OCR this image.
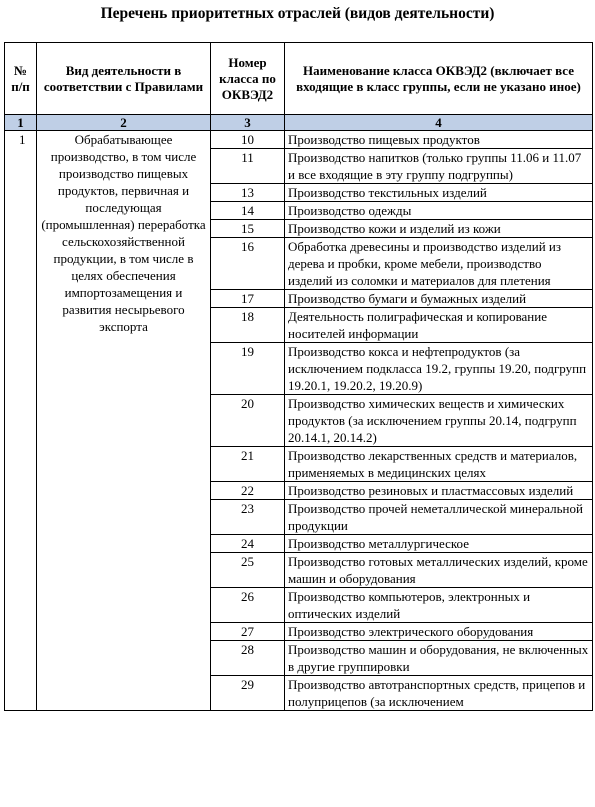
Перечень приоритетных отраслей (видов деятельности)
№ п/п	Вид деятельности в соответствии с Правилами	Номер класса по ОКВЭД2	Наименование класса ОКВЭД2 (включает все входящие в класс группы, если не указано иное)
1	2	3	4
1	Обрабатывающее производство, в том числе производство пищевых продуктов, первичная и последующая (промышленная) переработка сельскохозяйственной продукции, в том числе в целях обеспечения импортозамещения и развития несырьевого экспорта	10	Производство пищевых продуктов
		11	Производство напитков (только группы 11.06 и 11.07 и все входящие в эту группу подгруппы)
		13	Производство текстильных изделий
		14	Производство одежды
		15	Производство кожи и изделий из кожи
		16	Обработка древесины и производство изделий из дерева и пробки, кроме мебели, производство изделий из соломки и материалов для плетения
		17	Производство бумаги и бумажных изделий
		18	Деятельность полиграфическая и копирование носителей информации
		19	Производство кокса и нефтепродуктов (за исключением подкласса 19.2, группы 19.20, подгрупп 19.20.1, 19.20.2, 19.20.9)
		20	Производство химических веществ и химических продуктов (за исключением группы 20.14, подгрупп 20.14.1, 20.14.2)
		21	Производство лекарственных средств и материалов, применяемых в медицинских целях
		22	Производство резиновых и пластмассовых изделий
		23	Производство прочей неметаллической минеральной продукции
		24	Производство металлургическое
		25	Производство готовых металлических изделий, кроме машин и оборудования
		26	Производство компьютеров, электронных и оптических изделий
		27	Производство электрического оборудования
		28	Производство машин и оборудования, не включенных в другие группировки
		29	Производство автотранспортных средств, прицепов и полуприцепов (за исключением
